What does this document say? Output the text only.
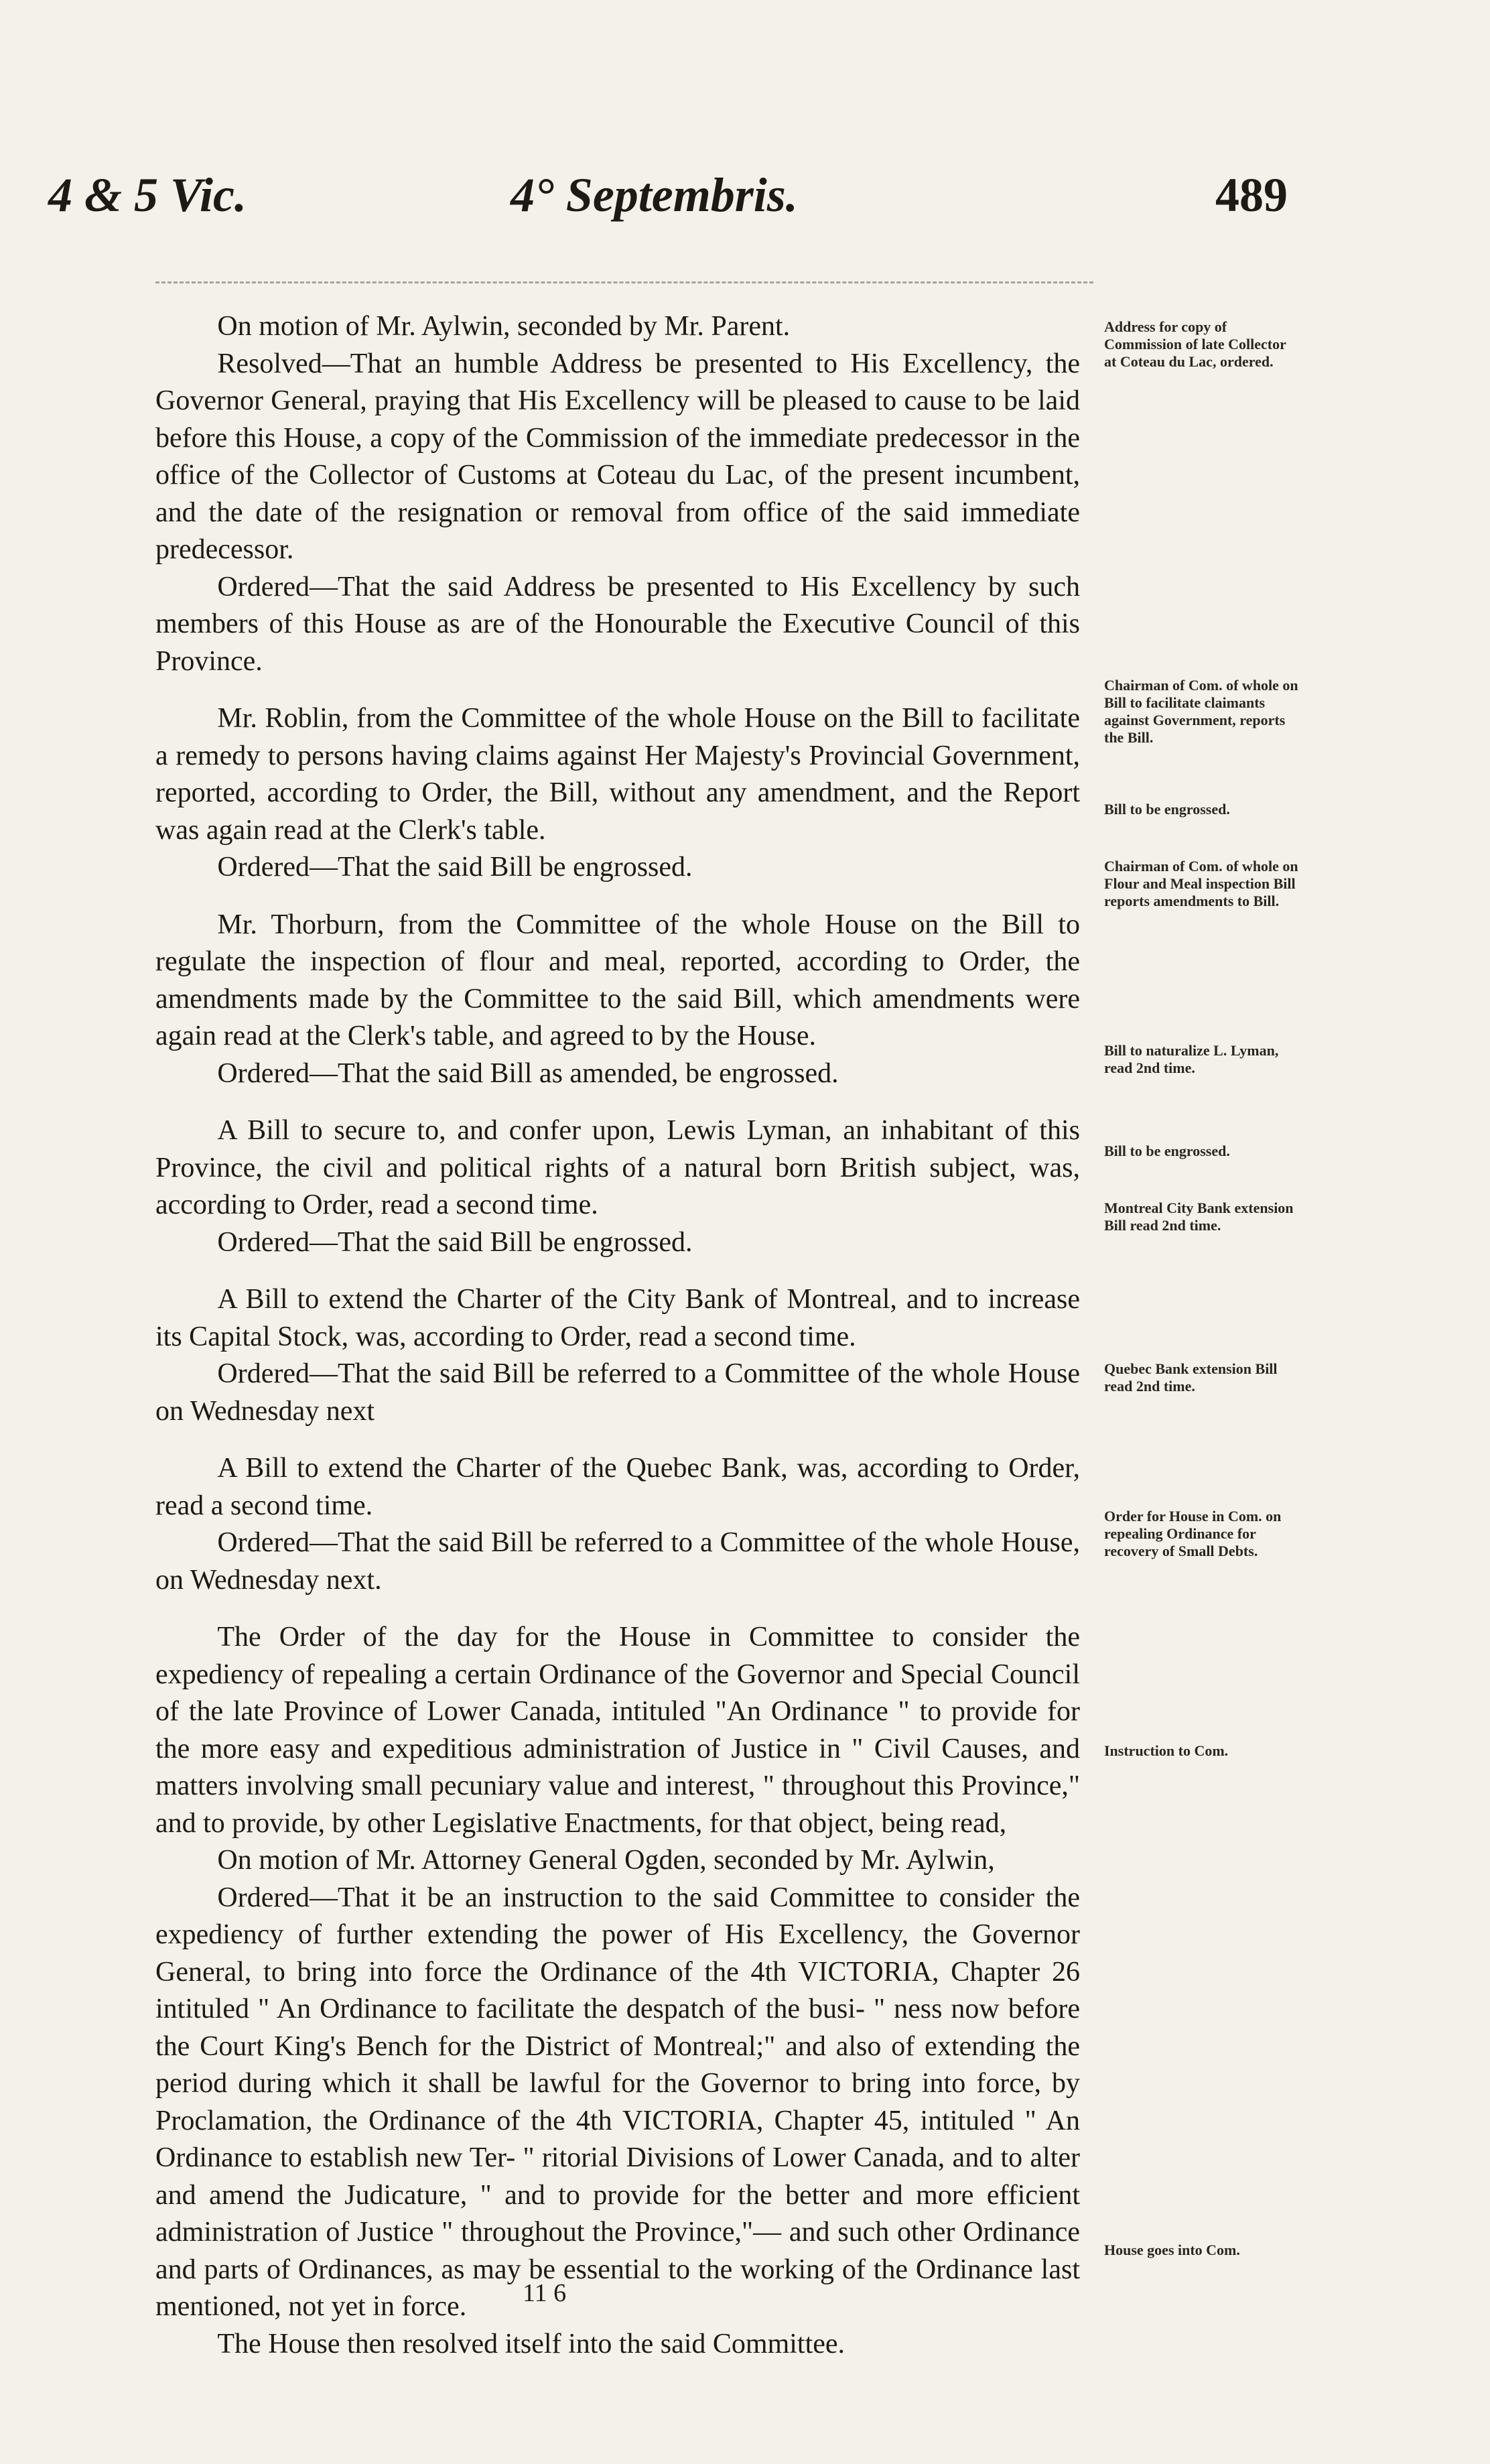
4 & 5 Vic.	4° Septembris.	489

On motion of Mr. Aylwin, seconded by Mr. Parent.

Resolved—That an humble Address be presented to His Excellency, the Governor General, praying that His Excellency will be pleased to cause to be laid before this House, a copy of the Commission of the immediate predecessor in the office of the Collector of Customs at Coteau du Lac, of the present incumbent, and the date of the resignation or removal from office of the said immediate predecessor.

Ordered—That the said Address be presented to His Excellency by such members of this House as are of the Honourable the Executive Council of this Province.

Mr. Roblin, from the Committee of the whole House on the Bill to facilitate a remedy to persons having claims against Her Majesty's Provincial Government, reported, according to Order, the Bill, without any amendment, and the Report was again read at the Clerk's table.

Ordered—That the said Bill be engrossed.

Mr. Thorburn, from the Committee of the whole House on the Bill to regulate the inspection of flour and meal, reported, according to Order, the amendments made by the Committee to the said Bill, which amendments were again read at the Clerk's table, and agreed to by the House.

Ordered—That the said Bill as amended, be engrossed.

A Bill to secure to, and confer upon, Lewis Lyman, an inhabitant of this Province, the civil and political rights of a natural born British subject, was, according to Order, read a second time.

Ordered—That the said Bill be engrossed.

A Bill to extend the Charter of the City Bank of Montreal, and to increase its Capital Stock, was, according to Order, read a second time.

Ordered—That the said Bill be referred to a Committee of the whole House on Wednesday next

A Bill to extend the Charter of the Quebec Bank, was, according to Order, read a second time.

Ordered—That the said Bill be referred to a Committee of the whole House, on Wednesday next.

The Order of the day for the House in Committee to consider the expediency of repealing a certain Ordinance of the Governor and Special Council of the late Province of Lower Canada, intituled "An Ordinance " to provide for the more easy and expeditious administration of Justice in " Civil Causes, and matters involving small pecuniary value and interest, " throughout this Province," and to provide, by other Legislative Enactments, for that object, being read,

On motion of Mr. Attorney General Ogden, seconded by Mr. Aylwin,

Ordered—That it be an instruction to the said Committee to consider the expediency of further extending the power of His Excellency, the Governor General, to bring into force the Ordinance of the 4th VICTORIA, Chapter 26 intituled " An Ordinance to facilitate the despatch of the busi- " ness now before the Court King's Bench for the District of Montreal;" and also of extending the period during which it shall be lawful for the Governor to bring into force, by Proclamation, the Ordinance of the 4th VICTORIA, Chapter 45, intituled " An Ordinance to establish new Ter- " ritorial Divisions of Lower Canada, and to alter and amend the Judicature, " and to provide for the better and more efficient administration of Justice " throughout the Province,"— and such other Ordinance and parts of Ordinances, as may be essential to the working of the Ordinance last mentioned, not yet in force.

The House then resolved itself into the said Committee.

Address for copy of Commission of late Collector at Coteau du Lac, ordered.
Chairman of Com. of whole on Bill to facilitate claimants against Government, reports the Bill.
Bill to be engrossed.
Chairman of Com. of whole on Flour and Meal inspection Bill reports amendments to Bill.
Bill to naturalize L. Lyman, read 2nd time.
Bill to be engrossed.
Montreal City Bank extension Bill read 2nd time.
Quebec Bank extension Bill read 2nd time.
Order for House in Com. on repealing Ordinance for recovery of Small Debts.
Instruction to Com.
House goes into Com.
11 6
